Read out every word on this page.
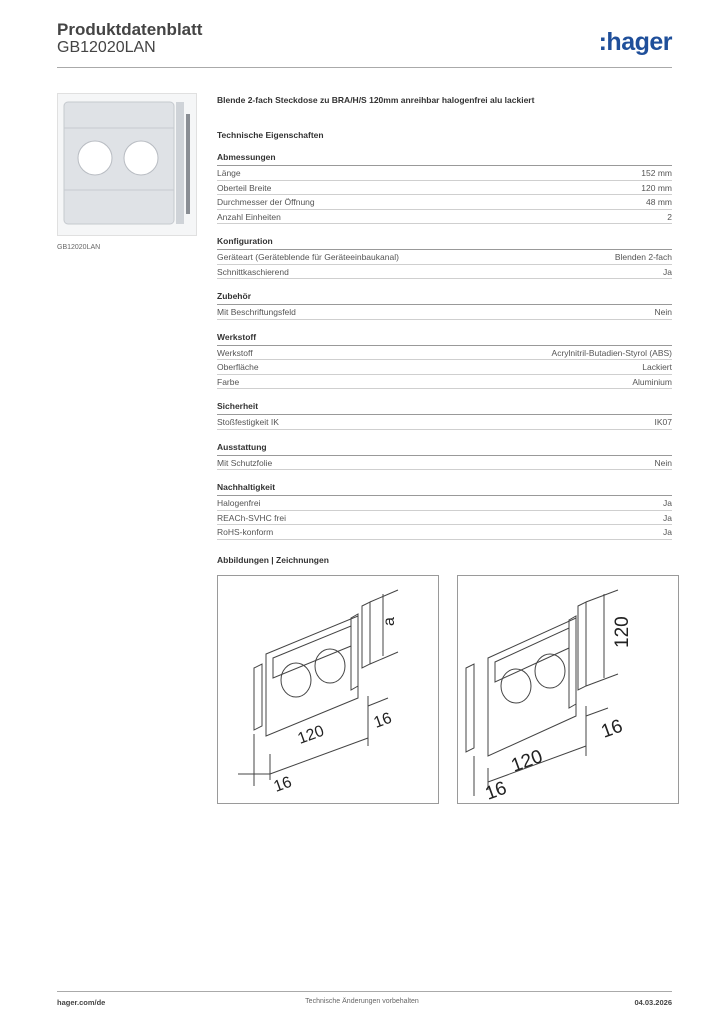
Produktdatenblatt
GB12020LAN	:hager
GB12020LAN
Blende 2-fach Steckdose zu BRA/H/S 120mm anreihbar halogenfrei alu lackiert
Technische Eigenschaften
Abmessungen
Länge	152 mm
Oberteil Breite	120 mm
Durchmesser der Öffnung	48 mm
Anzahl Einheiten	2
Konfiguration
Geräteart (Geräteblende für Geräteeinbaukanal)	Blenden 2-fach
Schnittkaschierend	Ja
Zubehör
Mit Beschriftungsfeld	Nein
Werkstoff
Werkstoff	Acrylnitril-Butadien-Styrol (ABS)
Oberfläche	Lackiert
Farbe	Aluminium
Sicherheit
Stoßfestigkeit IK	IK07
Ausstattung
Mit Schutzfolie	Nein
Nachhaltigkeit
Halogenfrei	Ja
REACh-SVHC frei	Ja
RoHS-konform	Ja
Abbildungen | Zeichnungen
a
120
16
16
120
120
16
16
hager.com/de	Technische Änderungen vorbehalten	04.03.2026
